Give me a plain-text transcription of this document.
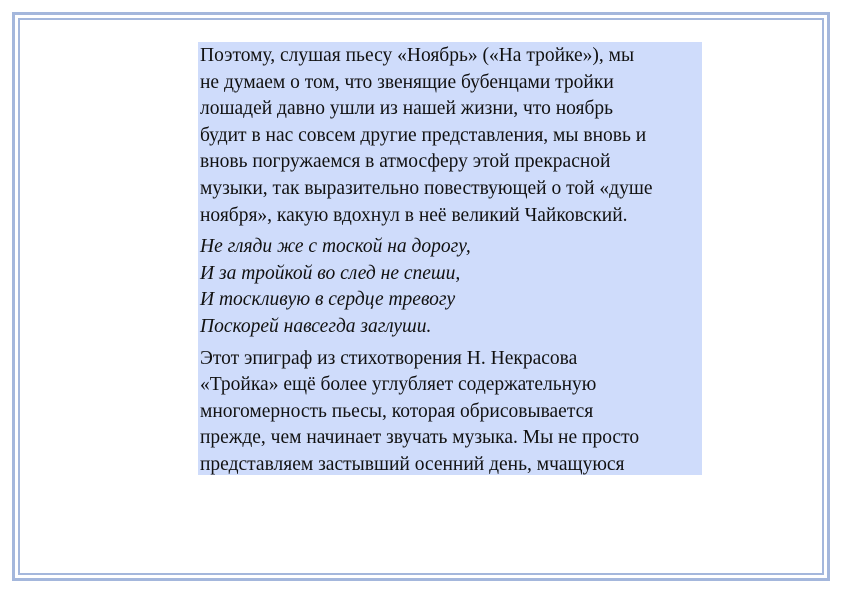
Поэтому, слушая пьесу «Ноябрь» («На тройке»), мы
не думаем о том, что звенящие бубенцами тройки
лошадей давно ушли из нашей жизни, что ноябрь
будит в нас совсем другие представления, мы вновь и
вновь погружаемся в атмосферу этой прекрасной
музыки, так выразительно повествующей о той «душе
ноября», какую вдохнул в неё великий Чайковский.

Не гляди же с тоской на дорогу,
И за тройкой во след не спеши,
И тоскливую в сердце тревогу
Поскорей навсегда заглуши.

Этот эпиграф из стихотворения Н. Некрасова
«Тройка» ещё более углубляет содержательную
многомерность пьесы, которая обрисовывается
прежде, чем начинает звучать музыка. Мы не просто
представляем застывший осенний день, мчащуюся
